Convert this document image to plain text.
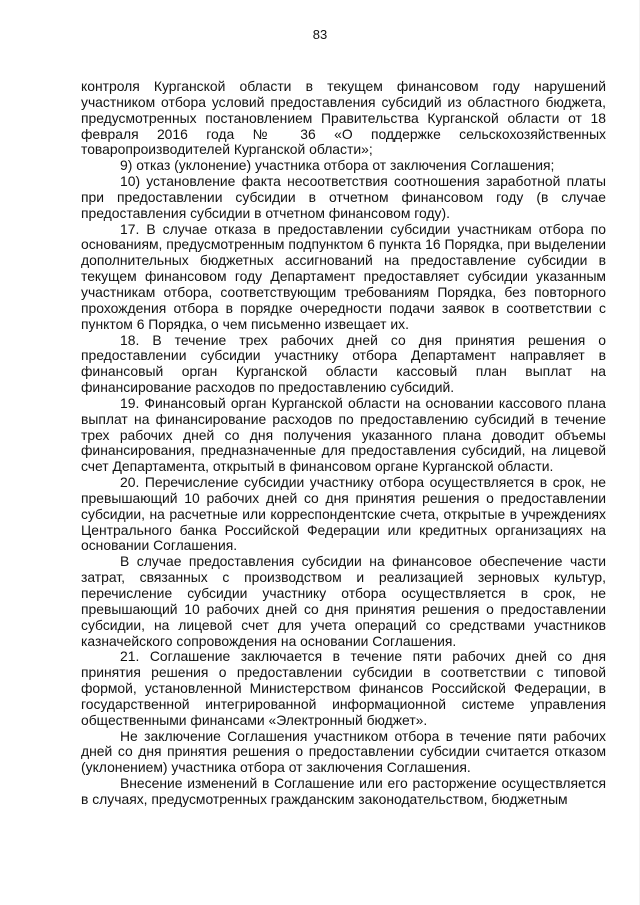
83

контроля Курганской области в текущем финансовом году нарушений участником отбора условий предоставления субсидий из областного бюджета, предусмотренных постановлением Правительства Курганской области от 18 февраля 2016 года № 36 «О поддержке сельскохозяйственных товаропроизводителей Курганской области»;

9) отказ (уклонение) участника отбора от заключения Соглашения;

10) установление факта несоответствия соотношения заработной платы при предоставлении субсидии в отчетном финансовом году (в случае предоставления субсидии в отчетном финансовом году).

17. В случае отказа в предоставлении субсидии участникам отбора по основаниям, предусмотренным подпунктом 6 пункта 16 Порядка, при выделении дополнительных бюджетных ассигнований на предоставление субсидии в текущем финансовом году Департамент предоставляет субсидии указанным участникам отбора, соответствующим требованиям Порядка, без повторного прохождения отбора в порядке очередности подачи заявок в соответствии с пунктом 6 Порядка, о чем письменно извещает их.

18. В течение трех рабочих дней со дня принятия решения о предоставлении субсидии участнику отбора Департамент направляет в финансовый орган Курганской области кассовый план выплат на финансирование расходов по предоставлению субсидий.

19. Финансовый орган Курганской области на основании кассового плана выплат на финансирование расходов по предоставлению субсидий в течение трех рабочих дней со дня получения указанного плана доводит объемы финансирования, предназначенные для предоставления субсидий, на лицевой счет Департамента, открытый в финансовом органе Курганской области.

20. Перечисление субсидии участнику отбора осуществляется в срок, не превышающий 10 рабочих дней со дня принятия решения о предоставлении субсидии, на расчетные или корреспондентские счета, открытые в учреждениях Центрального банка Российской Федерации или кредитных организациях на основании Соглашения.

В случае предоставления субсидии на финансовое обеспечение части затрат, связанных с производством и реализацией зерновых культур, перечисление субсидии участнику отбора осуществляется в срок, не превышающий 10 рабочих дней со дня принятия решения о предоставлении субсидии, на лицевой счет для учета операций со средствами участников казначейского сопровождения на основании Соглашения.

21. Соглашение заключается в течение пяти рабочих дней со дня принятия решения о предоставлении субсидии в соответствии с типовой формой, установленной Министерством финансов Российской Федерации, в государственной интегрированной информационной системе управления общественными финансами «Электронный бюджет».

Не заключение Соглашения участником отбора в течение пяти рабочих дней со дня принятия решения о предоставлении субсидии считается отказом (уклонением) участника отбора от заключения Соглашения.

Внесение изменений в Соглашение или его расторжение осуществляется в случаях, предусмотренных гражданским законодательством, бюджетным
